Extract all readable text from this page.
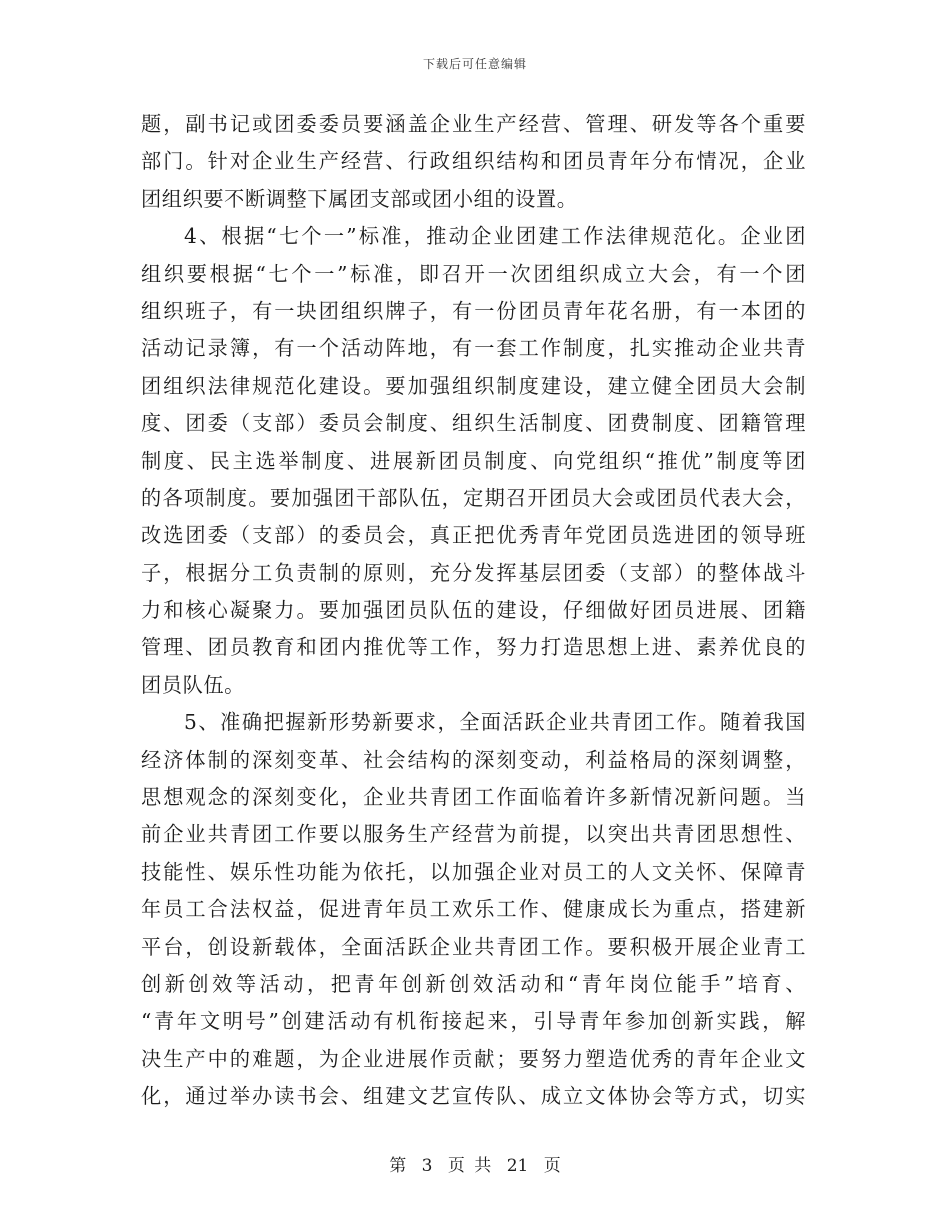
下载后可任意编辑
题，副书记或团委委员要涵盖企业生产经营、管理、研发等各个重要
部门。针对企业生产经营、行政组织结构和团员青年分布情况，企业
团组织要不断调整下属团支部或团小组的设置。
4、根据“七个一”标准，推动企业团建工作法律规范化。企业团
组织要根据“七个一”标准，即召开一次团组织成立大会，有一个团
组织班子，有一块团组织牌子，有一份团员青年花名册，有一本团的
活动记录簿，有一个活动阵地，有一套工作制度，扎实推动企业共青
团组织法律规范化建设。要加强组织制度建设，建立健全团员大会制
度、团委（支部）委员会制度、组织生活制度、团费制度、团籍管理
制度、民主选举制度、进展新团员制度、向党组织“推优”制度等团
的各项制度。要加强团干部队伍，定期召开团员大会或团员代表大会，
改选团委（支部）的委员会，真正把优秀青年党团员选进团的领导班
子，根据分工负责制的原则，充分发挥基层团委（支部）的整体战斗
力和核心凝聚力。要加强团员队伍的建设，仔细做好团员进展、团籍
管理、团员教育和团内推优等工作，努力打造思想上进、素养优良的
团员队伍。
5、准确把握新形势新要求，全面活跃企业共青团工作。随着我国
经济体制的深刻变革、社会结构的深刻变动，利益格局的深刻调整，
思想观念的深刻变化，企业共青团工作面临着许多新情况新问题。当
前企业共青团工作要以服务生产经营为前提，以突出共青团思想性、
技能性、娱乐性功能为依托，以加强企业对员工的人文关怀、保障青
年员工合法权益，促进青年员工欢乐工作、健康成长为重点，搭建新
平台，创设新载体，全面活跃企业共青团工作。要积极开展企业青工
创新创效等活动，把青年创新创效活动和“青年岗位能手”培育、
“青年文明号”创建活动有机衔接起来，引导青年参加创新实践，解
决生产中的难题，为企业进展作贡献；要努力塑造优秀的青年企业文
化，通过举办读书会、组建文艺宣传队、成立文体协会等方式，切实
第 3 页 共 21 页
